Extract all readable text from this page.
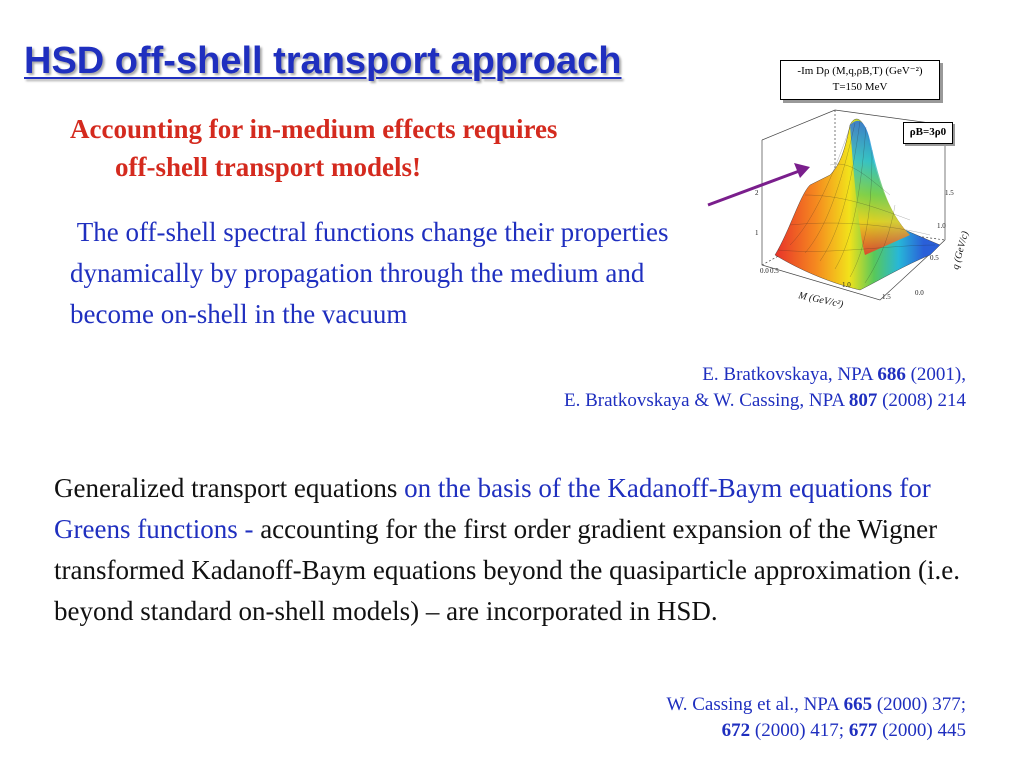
HSD off-shell transport approach
Accounting for in-medium effects requires
off-shell transport models!
The off-shell spectral functions change their properties dynamically by propagation through the medium and become on-shell in the vacuum
E. Bratkovskaya, NPA 686 (2001),
E. Bratkovskaya & W. Cassing, NPA 807 (2008) 214
Generalized transport equations on the basis of the Kadanoff-Baym equations for Greens functions - accounting for the first order gradient expansion of the Wigner transformed Kadanoff-Baym equations beyond the quasiparticle approximation (i.e. beyond standard on-shell models) – are incorporated in HSD.
W. Cassing et al., NPA 665 (2000) 377;
672 (2000) 417; 677 (2000) 445
0.5
1.0
1.5	0.0
0.5
1.0
1.5
0.0
1
2
M (GeV/c²)
q (GeV/c)
-Im Dρ (M,q,ρB,T) (GeV⁻²)
T=150 MeV
ρB=3ρ0
